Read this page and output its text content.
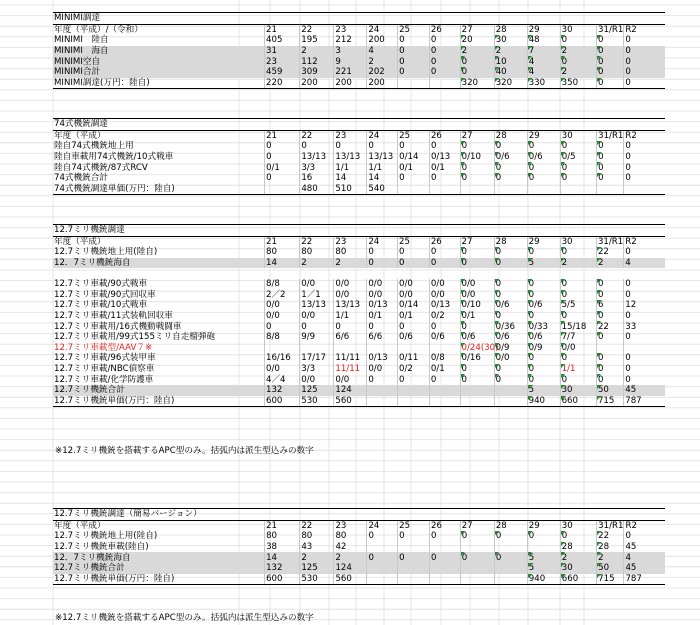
MINIMI調達												
年度（平成）/（令和）	21	22	23	24	25	26	27	28	29	30	31/R1	R2
MINIMI　陸自	405	195	212	200	0	0	20	30	48	0	0	0
MINIMI　海自	31	2	3	4	0	0	2	2	7	2	0	0
MINIMI空自	23	112	9	2	0	0	0	10	4	0	0	0
MINIMI合計	459	309	221	202	0	0	0	40	4	2	0	0
MINIMI調達(万円：陸自)	220	200	200	200			320	320	330	350	0	0
74式機銃調達												
年度（平成）	21	22	23	24	25	26	27	28	29	30	31/R1	R2
陸自74式機銃地上用	0	0	0	0	0	0	0	0	0	0	0	0
陸自車載用74式機銃/10式戦車	0	13/13	13/13	13/13	0/14	0/13	0/10	0/6	0/6	0/5	0	0
陸自74式機銃/87式RCV	0/1	3/3	1/1	1/1	0/1	0/1	0	0	0	0	0	0
74式機銃合計	0	16	14	14	0	0	0	0	0	0	0	0
74式機銃調達単価(万円：陸自)		480	510	540								
12.7ミリ機銃調達												
年度（平成）	21	22	23	24	25	26	27	28	29	30	31/R1	R2
12.7ミリ機銃地上用(陸自)	80	80	80	0	0	0	0	0	0	0	22	0
12．7ミリ機銃海自	14	2	2	0	0	0	0	0	5	2	2	4

12.7ミリ車載/90式戦車	8/8	0/0	0/0	0/0	0/0	0/0	0/0	0	0	0	0	0
12.7ミリ車載/90式回収車	2／2	1／1	0/0	0/0	0/0	0/0	0/0	0	0	0	0	0
12.7ミリ車載/10式戦車	0/0	13/13	13/13	0/13	0/14	0/13	0/10	0/6	0/6	5/5	6	12
12.7ミリ車載/11式装軌回収車	0/0	0/0	1/1	0/1	0/1	0/2	0/1	0	0	0	0	0
12.7ミリ車載用/16式機動戦闘車	0	0	0	0	0	0	0	0/36	0/33	15/18	22	33
12.7ミリ車載用/99式155ミリ自走榴弾砲	8/8	9/9	6/6	6/6	0/6	0/6	0/6	0/6	0/6	7/7	0	0
12.7ミリ車載型/AAV７※							0/24(30)	0/9	0/9	0/0		
12.7ミリ車載/96式装甲車	16/16	17/17	11/11	0/13	0/11	0/8	0/16	0/0	0	0	0	0
12.7ミリ車載/NBC偵察車	0/0	3/3	11/11	0/0	0/2	0/1	0	0	0	1/1	0	0
12.7ミリ車載/化学防護車	4／4	0/0	0/0	0	0	0	0	0	0	0	0	0
12.7ミリ機銃合計	132	125	124						5	30	50	45
12.7ミリ機銃単価(万円：陸自)	600	530	560						940	660	715	787
※12.7ミリ機銃を搭載するAPC型のみ。括弧内は派生型込みの数字
12.7ミリ機銃調達（簡易バージョン）												
年度（平成）	21	22	23	24	25	26	27	28	29	30	31/R1	R2
12.7ミリ機銃地上用(陸自)	80	80	80	0	0	0	0	0	0	0	22	0
12.7ミリ機銃車載(陸自)	38	43	42							28	28	45
12．7ミリ機銃海自	14	2	2	0	0	0	0	0	5	2	2	4
12.7ミリ機銃合計	132	125	124						5	30	50	45
12.7ミリ機銃単価(万円：陸自)	600	530	560						940	660	715	787
※12.7ミリ機銃を搭載するAPC型のみ。括弧内は派生型込みの数字
